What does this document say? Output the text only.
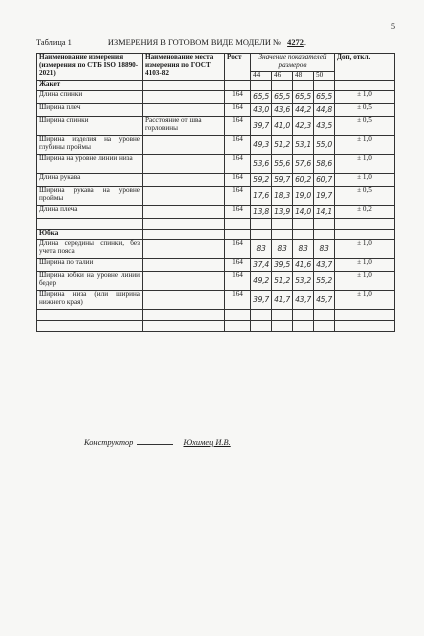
5
Таблица 1	ИЗМЕРЕНИЯ В ГОТОВОМ ВИДЕ МОДЕЛИ № 4272.
Наименование измерения (измерения по СТБ ISO 18890-2021)	Наименование места измерения по ГОСТ 4103-82	Рост	Значение показателей размеров				Доп, откл.
			44	46	48	50	
Жакет							
Длина спинки		164	65,5	65,5	65,5	65,5	± 1,0
Ширина плеч		164	43,0	43,6	44,2	44,8	± 0,5
Ширина спинки	Расстояние от шва горловины	164	39,7	41,0	42,3	43,5	± 0,5
Ширина изделия на уровне глубины проймы		164	49,3	51,2	53,1	55,0	± 1,0
Ширина на уровне линии низа		164	53,6	55,6	57,6	58,6	± 1,0
Длина рукава		164	59,2	59,7	60,2	60,7	± 1,0
Ширина рукава на уровне проймы		164	17,6	18,3	19,0	19,7	± 0,5
Длина плеча		164	13,8	13,9	14,0	14,1	± 0,2

Юбка							
Длина середины спинки, без учета пояса		164	83	83	83	83	± 1,0
Ширина по талии		164	37,4	39,5	41,6	43,7	± 1,0
Ширина юбки на уровне линии бедер		164	49,2	51,2	53,2	55,2	± 1,0
Ширина низа (или ширина нижнего края)		164	39,7	41,7	43,7	45,7	± 1,0

Конструктор	Юхимец И.В.
